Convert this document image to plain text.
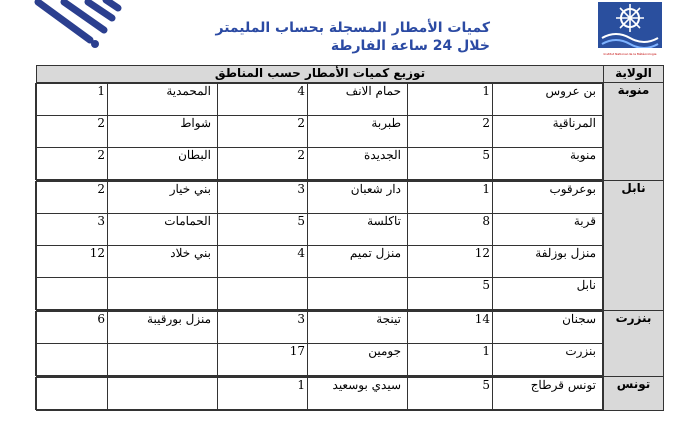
Institut National de la Météorologie
كميات الأمطار المسجلة بحساب المليمتر
خلال 24 ساعة الفارطة
الولاية	توزيع كميات الأمطار حسب المناطق
منوبة	
بن عروس	1	حمام الانف	4	المحمدية	1
المرناقية	2	طبربة	2	شواط	2
منوبة	5	الجديدة	2	البطان	2

نابل	
بوعرقوب	1	دار شعبان	3	بني خيار	2
قربة	8	تاكلسة	5	الحمامات	3
منزل بوزلفة	12	منزل تميم	4	بني خلاد	12
نابل	5				

بنزرت	
سجنان	14	تينجة	3	منزل بورقيبة	6
بنزرت	1	جومين	17		

تونس	
تونس قرطاج	5	سيدي بوسعيد	1		
